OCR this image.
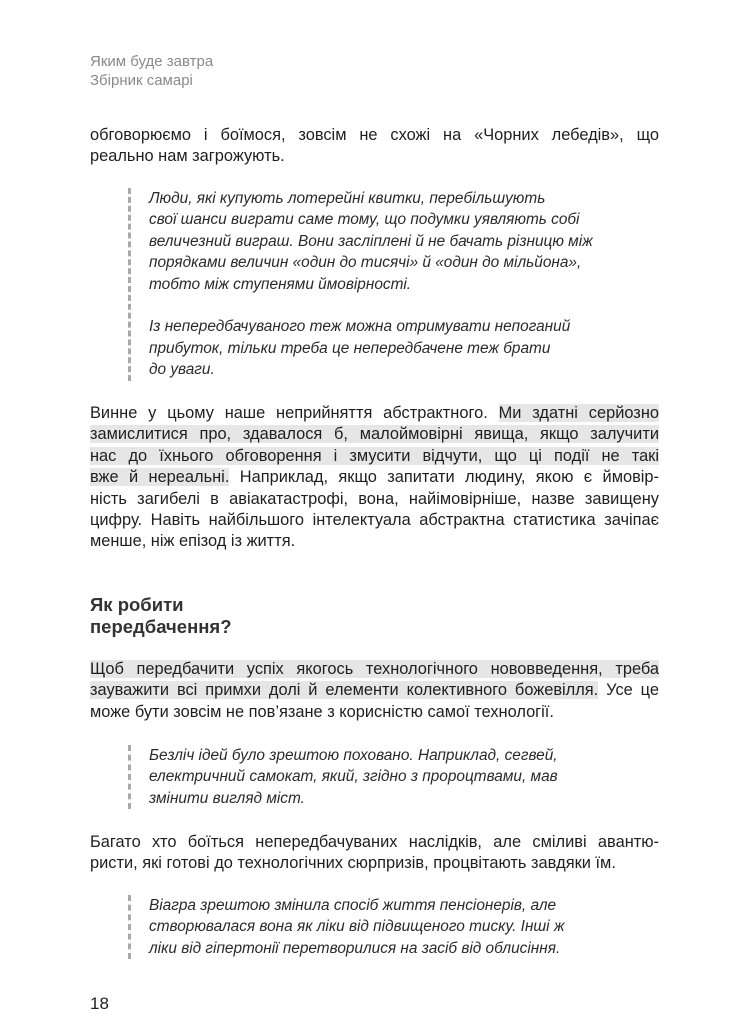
Яким буде завтра
Збірник самарі
обговорюємо і боїмося, зовсім не схожі на «Чорних лебедів», що
реально нам загрожують.
Люди, які купують лотерейні квитки, перебільшують
свої шанси виграти саме тому, що подумки уявляють собі
величезний виграш. Вони засліплені й не бачать різницю між
порядками величин «один до тисячі» й «один до мільйона»,
тобто між ступенями ймовірності.
Із непередбачуваного теж можна отримувати непоганий
прибуток, тільки треба це непередбачене теж брати
до уваги.
Винне у цьому наше неприйняття абстрактного. Ми здатні серйозно
замислитися про, здавалося б, малоймовірні явища, якщо залучити
нас до їхнього обговорення і змусити відчути, що ці події не такі
вже й нереальні. Наприклад, якщо запитати людину, якою є ймовір-
ність загибелі в авіакатастрофі, вона, найімовірніше, назве завищену
цифру. Навіть найбільшого інтелектуала абстрактна статистика зачіпає
менше, ніж епізод із життя.
Як робити
передбачення?
Щоб передбачити успіх якогось технологічного нововведення, треба
зауважити всі примхи долі й елементи колективного божевілля. Усе це
може бути зовсім не пов’язане з корисністю самої технології.
Безліч ідей було зрештою поховано. Наприклад, сегвей,
електричний самокат, який, згідно з пророцтвами, мав
змінити вигляд міст.
Багато хто боїться непередбачуваних наслідків, але сміливі авантю-
ристи, які готові до технологічних сюрпризів, процвітають завдяки їм.
Віагра зрештою змінила спосіб життя пенсіонерів, але
створювалася вона як ліки від підвищеного тиску. Інші ж
ліки від гіпертонії перетворилися на засіб від облисіння.
18
